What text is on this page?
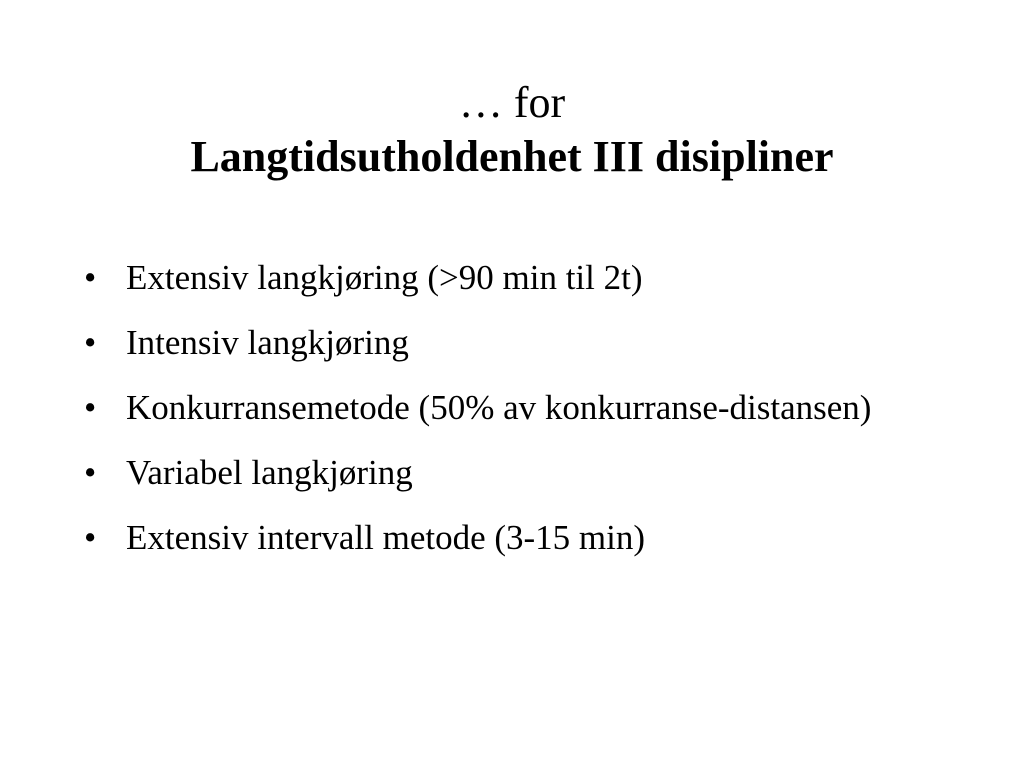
… for
Langtidsutholdenhet III disipliner
• Extensiv langkjøring (>90 min til 2t)
• Intensiv langkjøring
• Konkurransemetode (50% av konkurranse-distansen)
• Variabel langkjøring
• Extensiv intervall metode (3-15 min)
